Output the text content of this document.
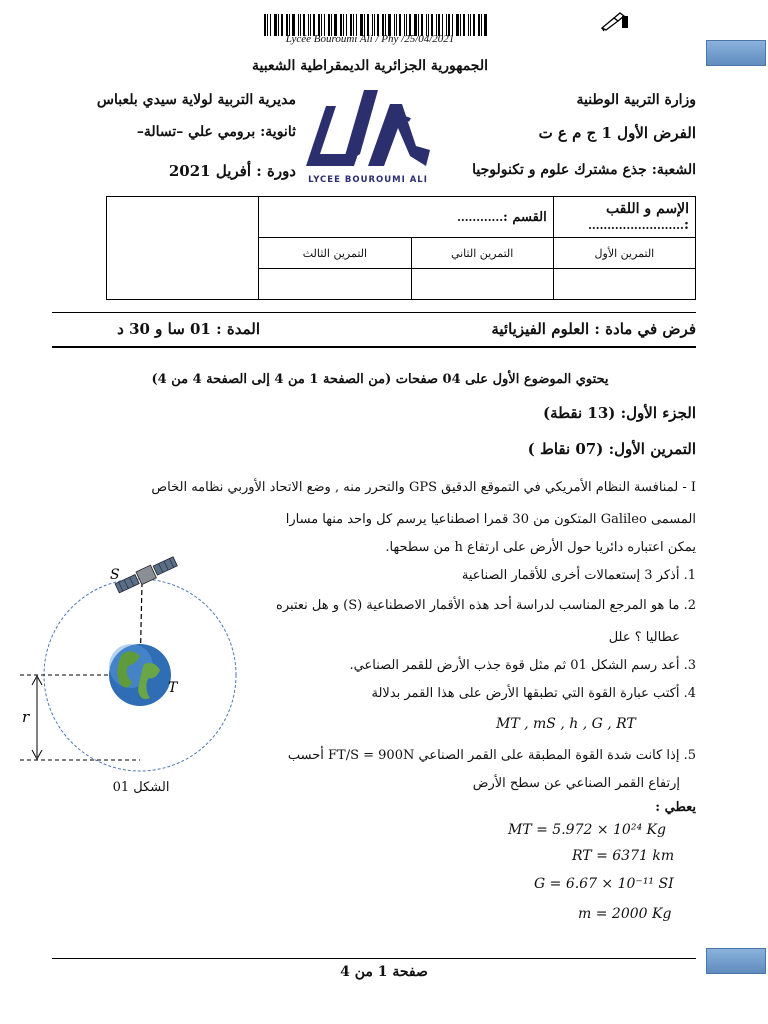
Lycée Bouroumi Ali / Phy /25/04/2021
الجمهورية الجزائرية الديمقراطية الشعبية
وزارة التربية الوطنية
مديرية التربية لولاية سيدي بلعباس
الفرض الأول 1 ج م ع ت
ثانوية: برومي علي –تسالة–
الشعبة: جذع مشترك علوم و تكنولوجيا
دورة : أفريل 2021 LYCEE BOUROUMI ALI
الإسم و اللقب :.........................	القسم :............		
التمرين الأول	التمرين الثاني	التمرين الثالث	

فرض في مادة : العلوم الفيزيائية
المدة : 01 سا و 30 د
يحتوي الموضوع الأول على 04 صفحات (من الصفحة 1 من 4 إلى الصفحة 4 من 4)
الجزء الأول: (13 نقطة)
التمرين الأول: (07 نقاط )
I - لمنافسة النظام الأمريكي في التموقع الدقيق GPS والتحرر منه , وضع الاتحاد الأوربي نظامه الخاص
المسمى Galileo المتكون من 30 قمرا اصطناعيا يرسم كل واحد منها مسارا
يمكن اعتباره دائريا حول الأرض على ارتفاع h من سطحها.
1. أذكر 3 إستعمالات أخرى للأقمار الصناعية
2. ما هو المرجع المناسب لدراسة أحد هذه الأقمار الاصطناعية (S) و هل نعتبره
عطاليا ؟ علل
3. أعد رسم الشكل 01 ثم مثل قوة جذب الأرض للقمر الصناعي.
4. أكتب عبارة القوة التي تطبقها الأرض على هذا القمر بدلالة
MT , mS , h , G , RT
5. إذا كانت شدة القوة المطبقة على القمر الصناعي FT/S = 900N أحسب
إرتفاع القمر الصناعي عن سطح الأرض
يعطي :
MT = 5.972 × 10²⁴ Kg
RT = 6371 km
G = 6.67 × 10⁻¹¹ SI
m = 2000 Kg
S
T
r
الشكل 01
صفحة 1 من 4
